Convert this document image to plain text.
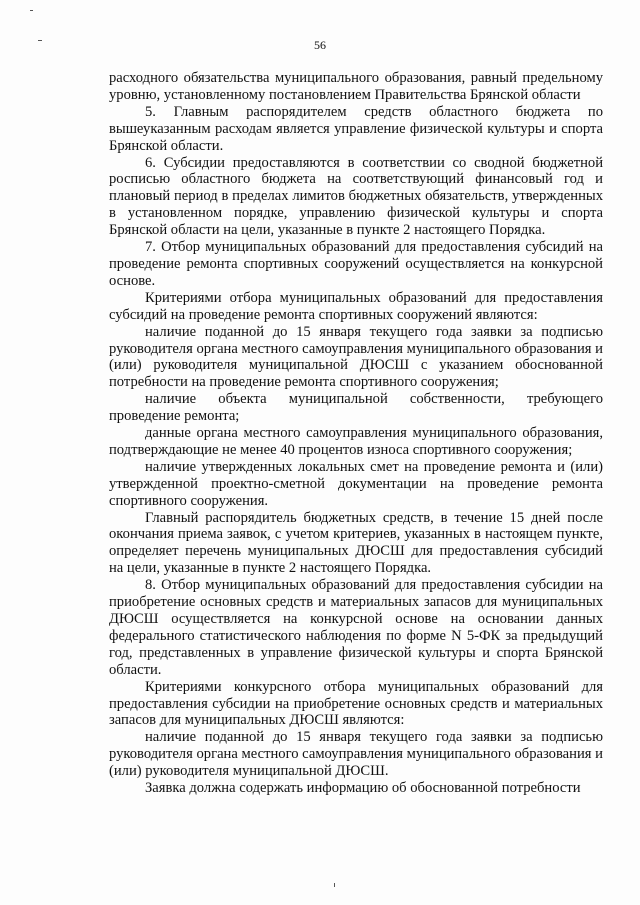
56

расходного обязательства муниципального образования, равный предельному уровню, установленному постановлением Правительства Брянской области

5. Главным распорядителем средств областного бюджета по вышеуказанным расходам является управление физической культуры и спорта Брянской области.

6. Субсидии предоставляются в соответствии со сводной бюджетной росписью областного бюджета на соответствующий финансовый год и плановый период в пределах лимитов бюджетных обязательств, утвержденных в установленном порядке, управлению физической культуры и спорта Брянской области на цели, указанные в пункте 2 настоящего Порядка.

7. Отбор муниципальных образований для предоставления субсидий на проведение ремонта спортивных сооружений осуществляется на конкурсной основе.

Критериями отбора муниципальных образований для предоставления субсидий на проведение ремонта спортивных сооружений являются:

наличие поданной до 15 января текущего года заявки за подписью руководителя органа местного самоуправления муниципального образования и (или) руководителя муниципальной ДЮСШ с указанием обоснованной потребности на проведение ремонта спортивного сооружения;

наличие объекта муниципальной собственности, требующего проведение ремонта;

данные органа местного самоуправления муниципального образования, подтверждающие не менее 40 процентов износа спортивного сооружения;

наличие утвержденных локальных смет на проведение ремонта и (или) утвержденной проектно-сметной документации на проведение ремонта спортивного сооружения.

Главный распорядитель бюджетных средств, в течение 15 дней после окончания приема заявок, с учетом критериев, указанных в настоящем пункте, определяет перечень муниципальных ДЮСШ для предоставления субсидий на цели, указанные в пункте 2 настоящего Порядка.

8. Отбор муниципальных образований для предоставления субсидии на приобретение основных средств и материальных запасов для муниципальных ДЮСШ осуществляется на конкурсной основе на основании данных федерального статистического наблюдения по форме N 5-ФК за предыдущий год, представленных в управление физической культуры и спорта Брянской области.

Критериями конкурсного отбора муниципальных образований для предоставления субсидии на приобретение основных средств и материальных запасов для муниципальных ДЮСШ являются:

наличие поданной до 15 января текущего года заявки за подписью руководителя органа местного самоуправления муниципального образования и (или) руководителя муниципальной ДЮСШ.

Заявка должна содержать информацию об обоснованной потребности
